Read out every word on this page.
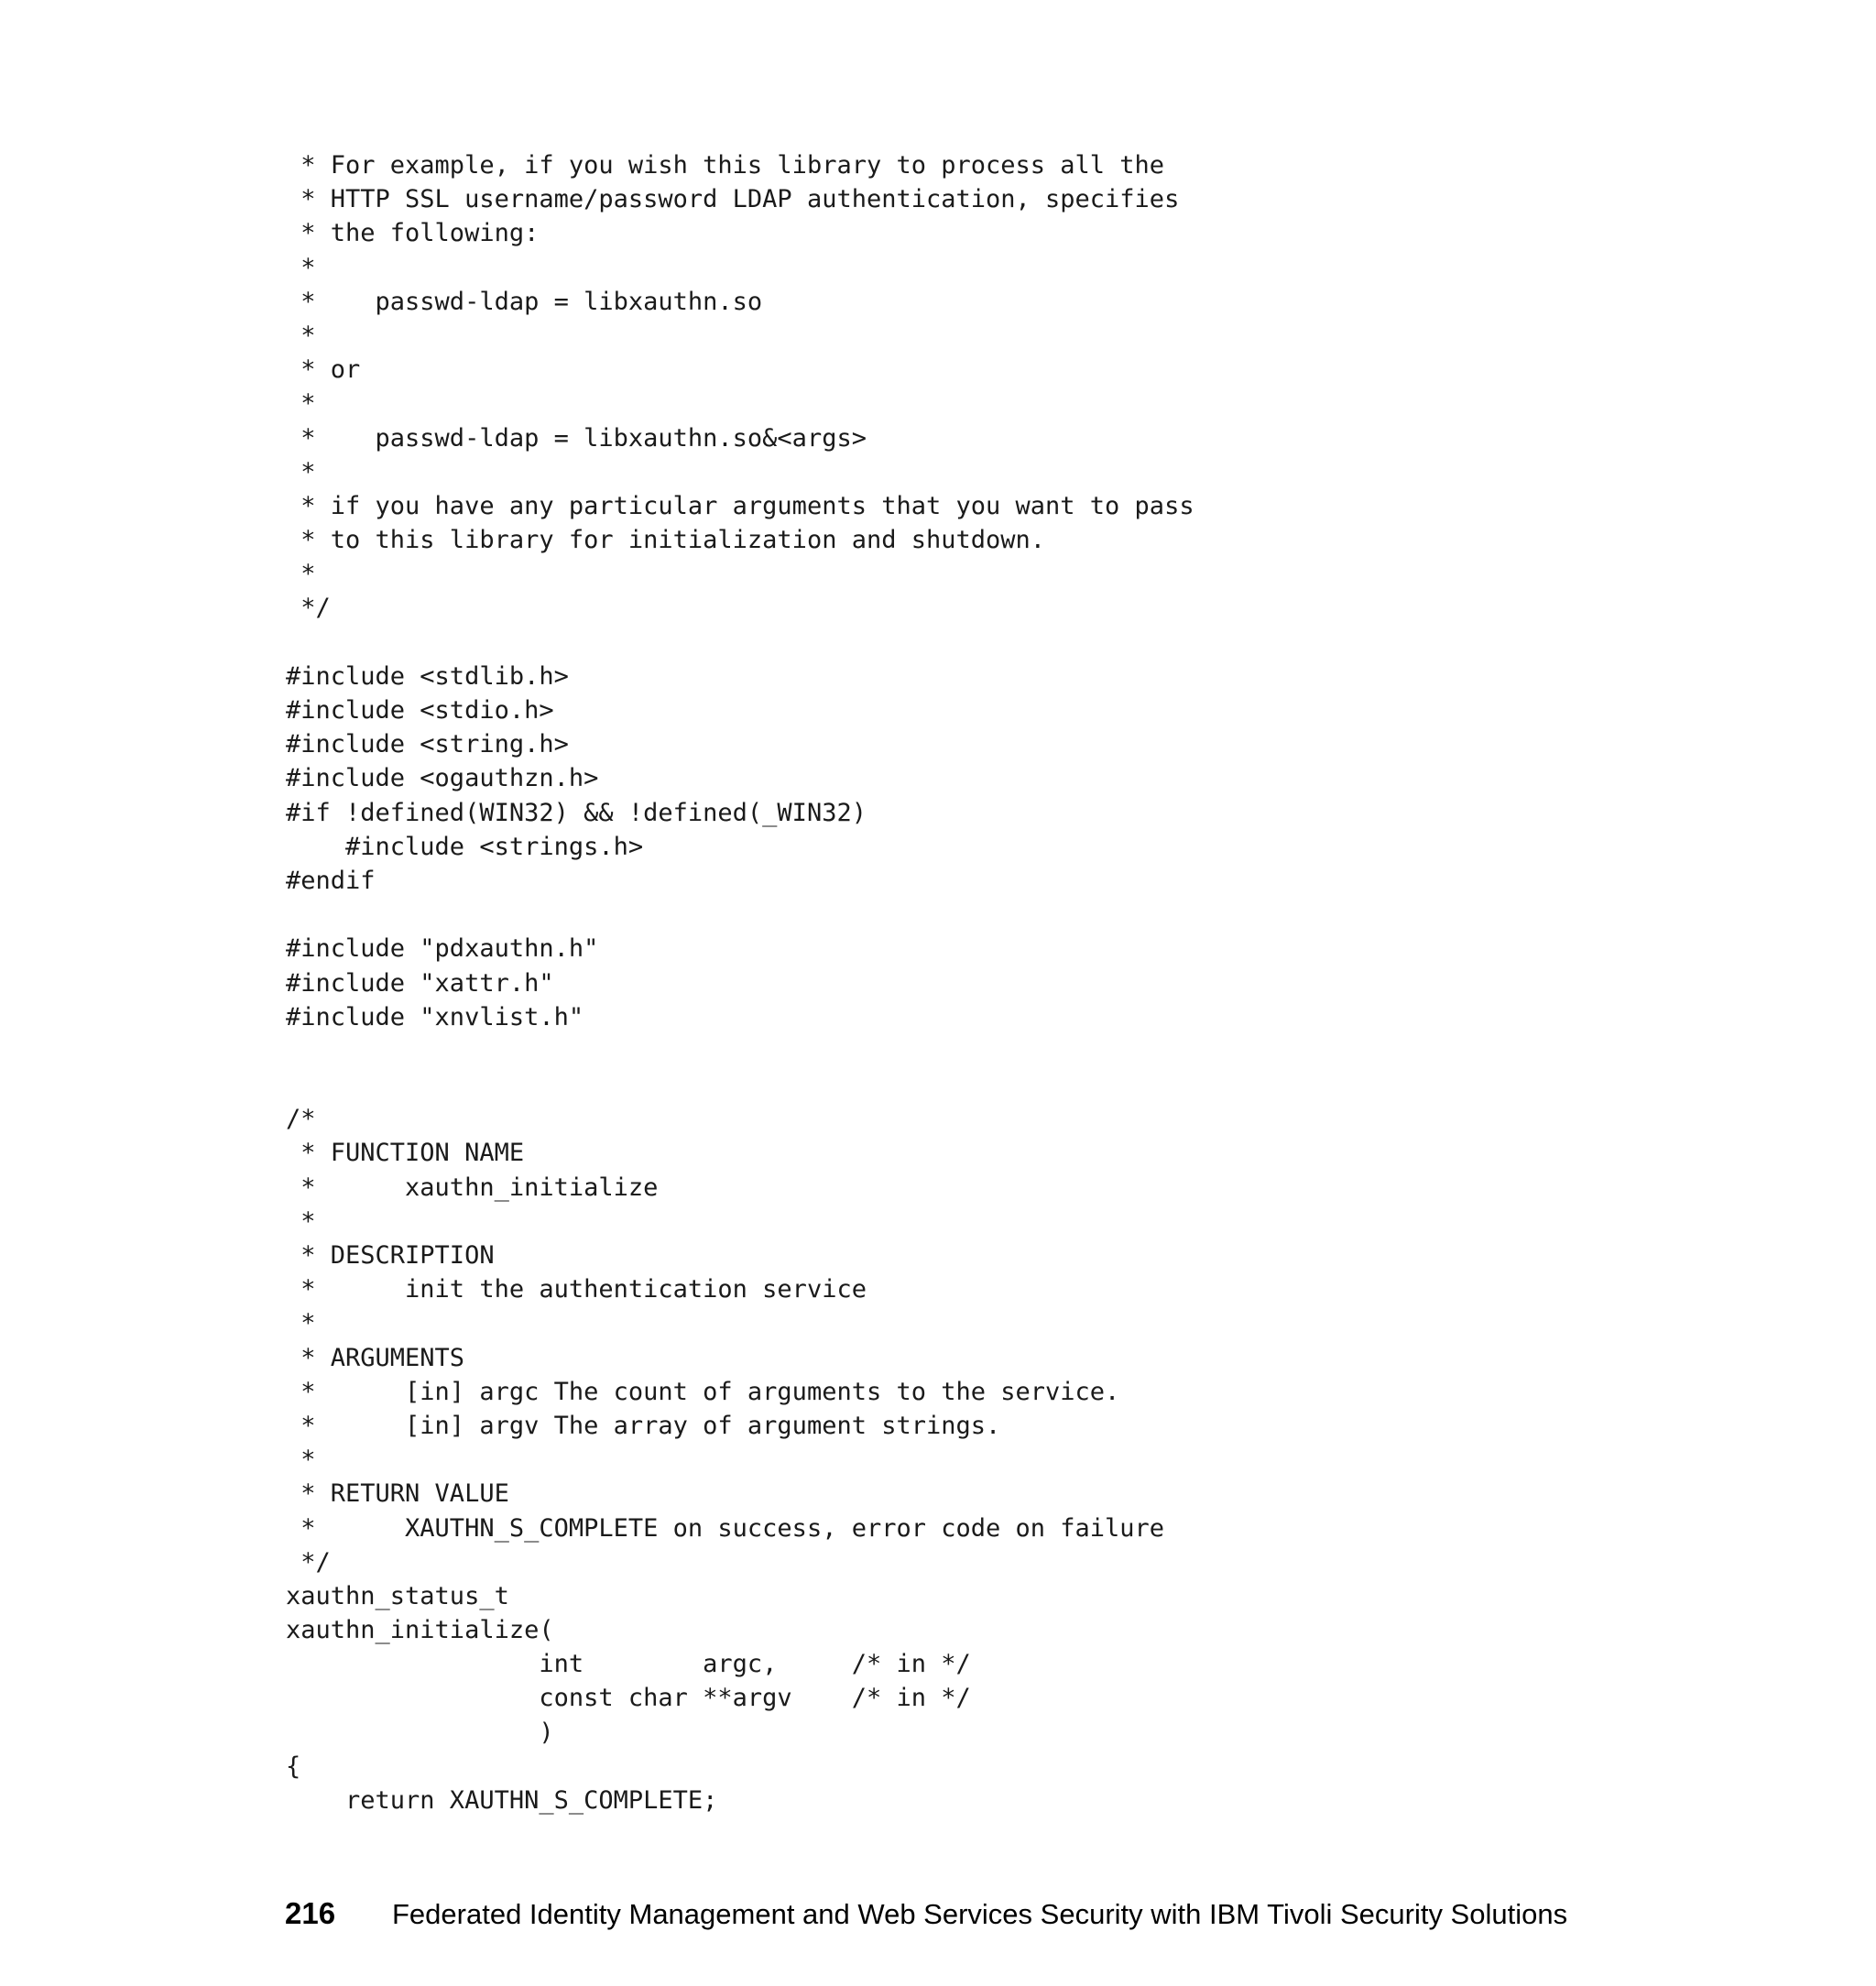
* For example, if you wish this library to process all the
* HTTP SSL username/password LDAP authentication, specifies
* the following:
*
*    passwd-ldap = libxauthn.so
*
* or
*
*    passwd-ldap = libxauthn.so&<args>
*
* if you have any particular arguments that you want to pass
* to this library for initialization and shutdown.
*
*/
#include <stdlib.h>
#include <stdio.h>
#include <string.h>
#include <ogauthzn.h>
#if !defined(WIN32) && !defined(_WIN32)
#include <strings.h>
#endif
#include "pdxauthn.h"
#include "xattr.h"
#include "xnvlist.h"
/*
* FUNCTION NAME
*      xauthn_initialize
*
* DESCRIPTION
*      init the authentication service
*
* ARGUMENTS
*      [in] argc The count of arguments to the service.
*      [in] argv The array of argument strings.
*
* RETURN VALUE
*      XAUTHN_S_COMPLETE on success, error code on failure
*/
xauthn_status_t
xauthn_initialize(
int        argc,     /* in */
const char **argv    /* in */
)
{
return XAUTHN_S_COMPLETE;
216	Federated Identity Management and Web Services Security with IBM Tivoli Security Solutions
